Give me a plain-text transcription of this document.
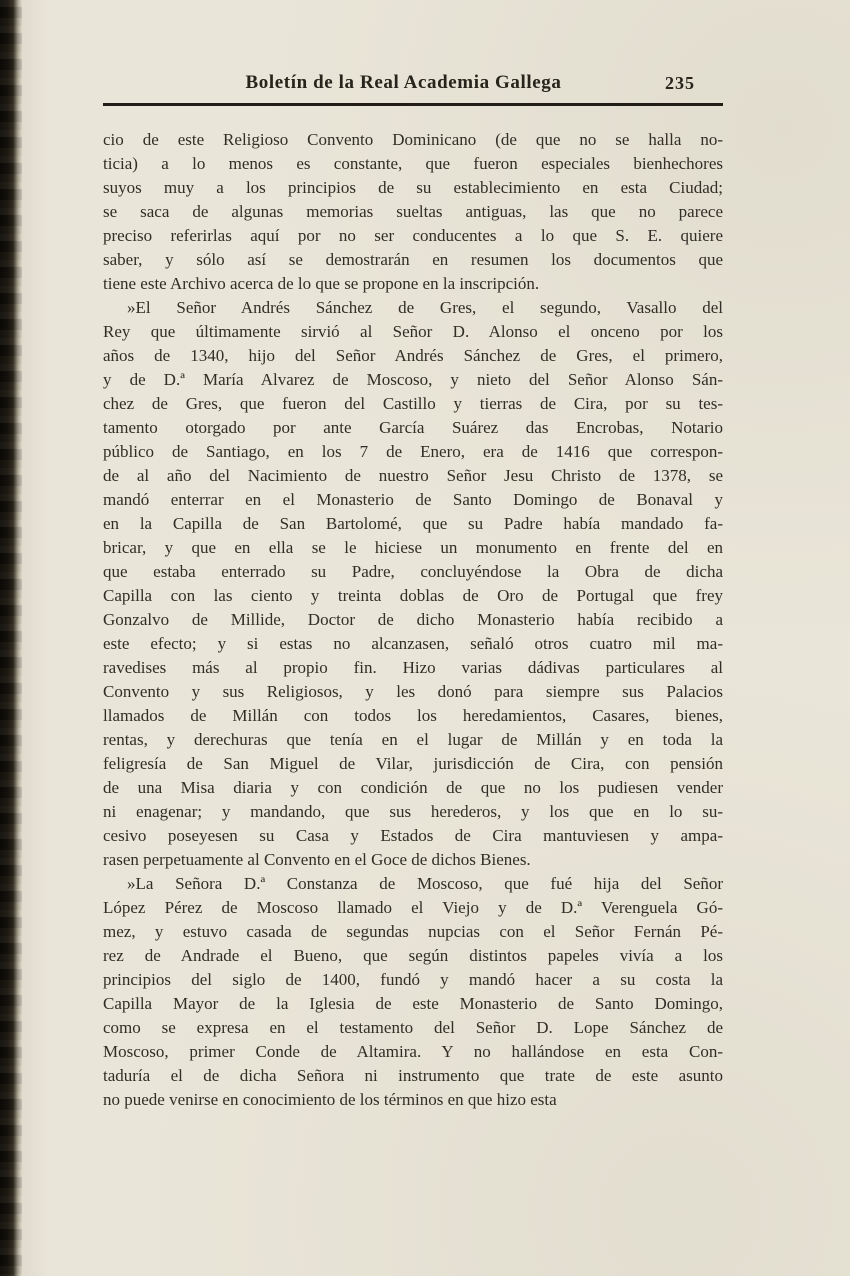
Boletín de la Real Academia Gallega	235
cio de este Religioso Convento Dominicano (de que no se halla no-
ticia) a lo menos es constante, que fueron especiales bienhechores
suyos muy a los principios de su establecimiento en esta Ciudad;
se saca de algunas memorias sueltas antiguas, las que no parece
preciso referirlas aquí por no ser conducentes a lo que S. E. quiere
saber, y sólo así se demostrarán en resumen los documentos que
tiene este Archivo acerca de lo que se propone en la inscripción.
»El Señor Andrés Sánchez de Gres, el segundo, Vasallo del
Rey que últimamente sirvió al Señor D. Alonso el onceno por los
años de 1340, hijo del Señor Andrés Sánchez de Gres, el primero,
y de D.ª María Alvarez de Moscoso, y nieto del Señor Alonso Sán-
chez de Gres, que fueron del Castillo y tierras de Cira, por su tes-
tamento otorgado por ante García Suárez das Encrobas, Notario
público de Santiago, en los 7 de Enero, era de 1416 que correspon-
de al año del Nacimiento de nuestro Señor Jesu Christo de 1378, se
mandó enterrar en el Monasterio de Santo Domingo de Bonaval y
en la Capilla de San Bartolomé, que su Padre había mandado fa-
bricar, y que en ella se le hiciese un monumento en frente del en
que estaba enterrado su Padre, concluyéndose la Obra de dicha
Capilla con las ciento y treinta doblas de Oro de Portugal que frey
Gonzalvo de Millide, Doctor de dicho Monasterio había recibido a
este efecto; y si estas no alcanzasen, señaló otros cuatro mil ma-
ravedises más al propio fin. Hizo varias dádivas particulares al
Convento y sus Religiosos, y les donó para siempre sus Palacios
llamados de Millán con todos los heredamientos, Casares, bienes,
rentas, y derechuras que tenía en el lugar de Millán y en toda la
feligresía de San Miguel de Vilar, jurisdicción de Cira, con pensión
de una Misa diaria y con condición de que no los pudiesen vender
ni enagenar; y mandando, que sus herederos, y los que en lo su-
cesivo poseyesen su Casa y Estados de Cira mantuviesen y ampa-
rasen perpetuamente al Convento en el Goce de dichos Bienes.
»La Señora D.ª Constanza de Moscoso, que fué hija del Señor
López Pérez de Moscoso llamado el Viejo y de D.ª Verenguela Gó-
mez, y estuvo casada de segundas nupcias con el Señor Fernán Pé-
rez de Andrade el Bueno, que según distintos papeles vivía a los
principios del siglo de 1400, fundó y mandó hacer a su costa la
Capilla Mayor de la Iglesia de este Monasterio de Santo Domingo,
como se expresa en el testamento del Señor D. Lope Sánchez de
Moscoso, primer Conde de Altamira. Y no hallándose en esta Con-
taduría el de dicha Señora ni instrumento que trate de este asunto
no puede venirse en conocimiento de los términos en que hizo esta
